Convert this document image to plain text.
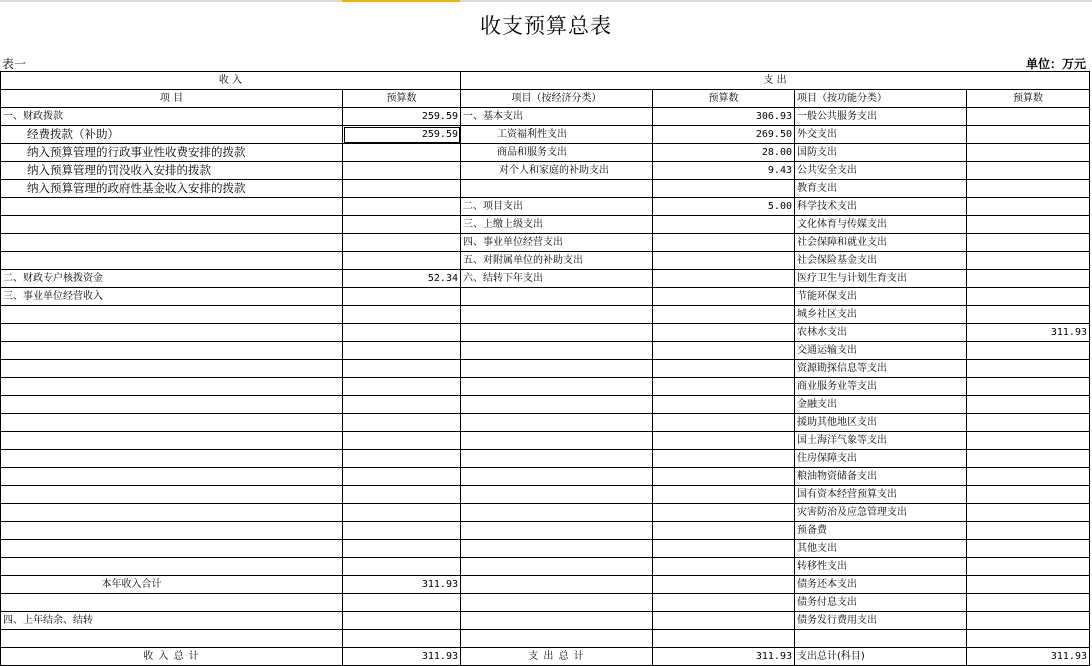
收支预算总表
表一	单位：万元
收 入		支 出			
项 目	预算数	项目（按经济分类）	预算数	项目（按功能分类）	预算数
一、财政拨款	259.59	一、基本支出	306.93	一般公共服务支出	
经费拨款（补助）	259.59	工资福利性支出	269.50	外交支出	
纳入预算管理的行政事业性收费安排的拨款		商品和服务支出	28.00	国防支出	
纳入预算管理的罚没收入安排的拨款		对个人和家庭的补助支出	9.43	公共安全支出	
纳入预算管理的政府性基金收入安排的拨款				教育支出	
		二、项目支出	5.00	科学技术支出	
		三、上缴上级支出		文化体育与传媒支出	
		四、事业单位经营支出		社会保障和就业支出	
		五、对附属单位的补助支出		社会保险基金支出	
二、财政专户核拨资金	52.34	六、结转下年支出		医疗卫生与计划生育支出	
三、事业单位经营收入				节能环保支出	
				城乡社区支出	
				农林水支出	311.93
				交通运输支出	
				资源勘探信息等支出	
				商业服务业等支出	
				金融支出	
				援助其他地区支出	
				国土海洋气象等支出	
				住房保障支出	
				粮油物资储备支出	
				国有资本经营预算支出	
				灾害防治及应急管理支出	
				预备费	
				其他支出	
				转移性支出	
本年收入合计	311.93			债务还本支出	
				债务付息支出	
四、上年结余、结转				债务发行费用支出	

收 入 总 计	311.93	支 出 总 计	311.93	支出总计(科目)	311.93
